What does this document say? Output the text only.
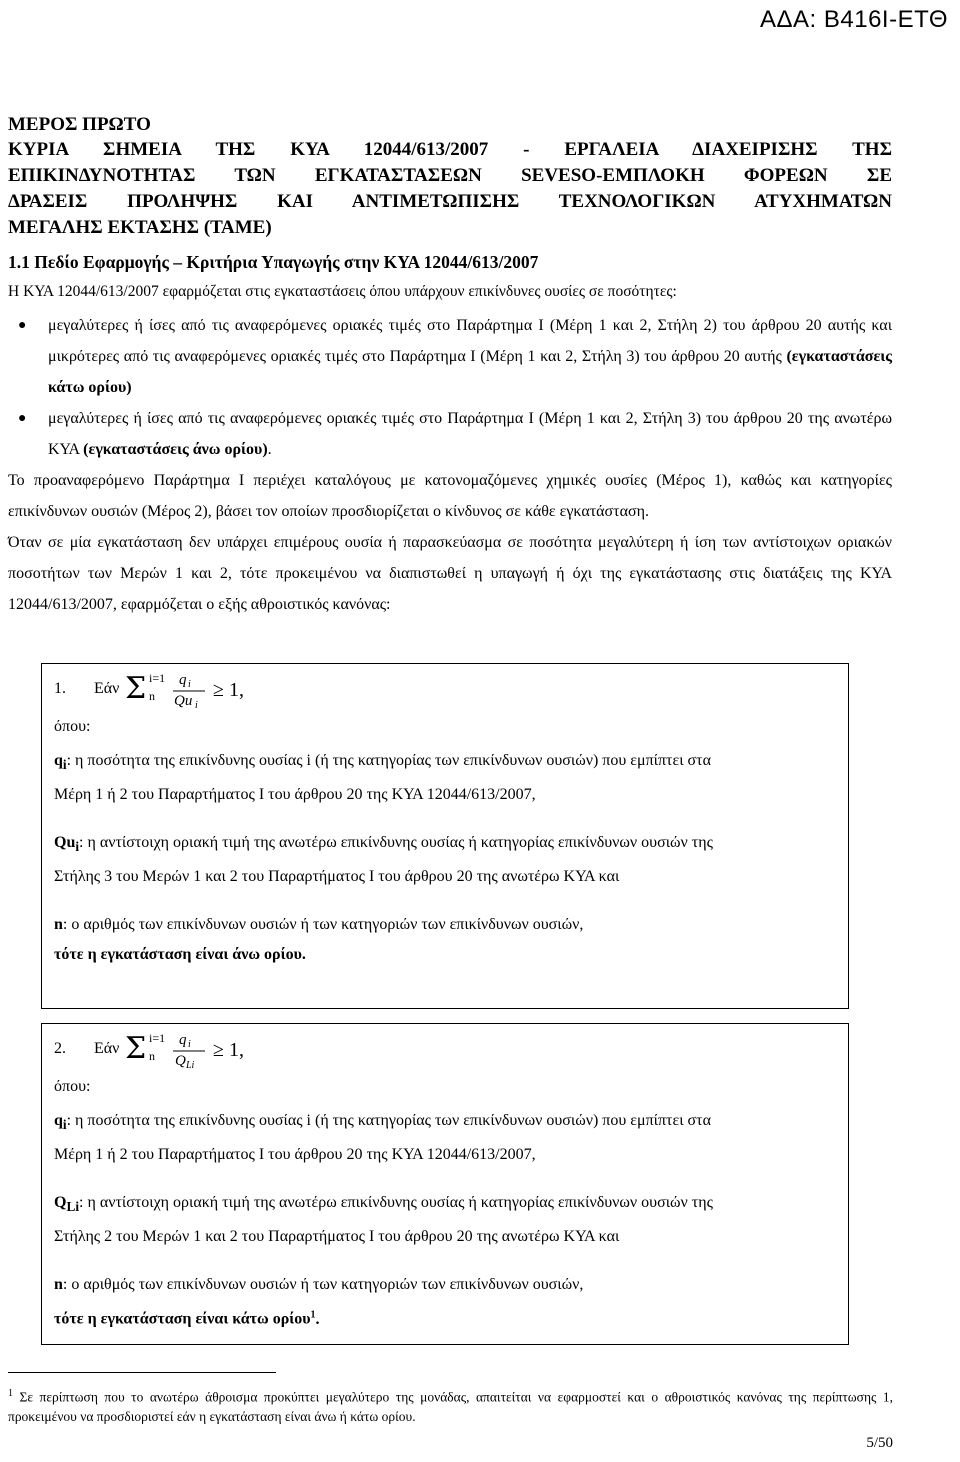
ΑΔΑ: Β416Ι-ΕΤΘ
ΜΕΡΟΣ ΠΡΩΤΟ
ΚΥΡΙΑ ΣΗΜΕΙΑ ΤΗΣ ΚΥΑ 12044/613/2007 - ΕΡΓΑΛΕΙΑ ΔΙΑΧΕΙΡΙΣΗΣ ΤΗΣ
ΕΠΙΚΙΝΔΥΝΟΤΗΤΑΣ ΤΩΝ ΕΓΚΑΤΑΣΤΑΣΕΩΝ SEVESO-ΕΜΠΛΟΚΗ ΦΟΡΕΩΝ ΣΕ
ΔΡΑΣΕΙΣ ΠΡΟΛΗΨΗΣ ΚΑΙ ΑΝΤΙΜΕΤΩΠΙΣΗΣ ΤΕΧΝΟΛΟΓΙΚΩΝ ΑΤΥΧΗΜΑΤΩΝ
ΜΕΓΑΛΗΣ ΕΚΤΑΣΗΣ (ΤΑΜΕ)
1.1 Πεδίο Εφαρμογής – Κριτήρια Υπαγωγής στην ΚΥΑ 12044/613/2007

Η ΚΥΑ 12044/613/2007 εφαρμόζεται στις εγκαταστάσεις όπου υπάρχουν επικίνδυνες ουσίες σε ποσότητες:

● μεγαλύτερες ή ίσες από τις αναφερόμενες οριακές τιμές στο Παράρτημα Ι (Μέρη 1 και 2, Στήλη 2) του άρθρου 20 αυτής και μικρότερες από τις αναφερόμενες οριακές τιμές στο Παράρτημα Ι (Μέρη 1 και 2, Στήλη 3) του άρθρου 20 αυτής (εγκαταστάσεις κάτω ορίου)
● μεγαλύτερες ή ίσες από τις αναφερόμενες οριακές τιμές στο Παράρτημα Ι (Μέρη 1 και 2, Στήλη 3) του άρθρου 20 της ανωτέρω ΚΥΑ (εγκαταστάσεις άνω ορίου).

Το προαναφερόμενο Παράρτημα Ι περιέχει καταλόγους με κατονομαζόμενες χημικές ουσίες (Μέρος 1), καθώς και κατηγορίες επικίνδυνων ουσιών (Μέρος 2), βάσει τον οποίων προσδιορίζεται ο κίνδυνος σε κάθε εγκατάσταση.

Όταν σε μία εγκατάσταση δεν υπάρχει επιμέρους ουσία ή παρασκεύασμα σε ποσότητα μεγαλύτερη ή ίση των αντίστοιχων οριακών ποσοτήτων των Μερών 1 και 2, τότε προκειμένου να διαπιστωθεί η υπαγωγή ή όχι της εγκατάστασης στις διατάξεις της ΚΥΑ 12044/613/2007, εφαρμόζεται ο εξής αθροιστικός κανόνας:

1.	Εάν Σ i=1
n
q i
Qu i
≥ 1,
όπου:
$q_i$: η ποσότητα της επικίνδυνης ουσίας i (ή της κατηγορίας των επικίνδυνων ουσιών) που εμπίπτει στα
Μέρη 1 ή 2 του Παραρτήματος Ι του άρθρου 20 της ΚΥΑ 12044/613/2007,
$Qu_i$: η αντίστοιχη οριακή τιμή της ανωτέρω επικίνδυνης ουσίας ή κατηγορίας επικίνδυνων ουσιών της
Στήλης 3 του Μερών 1 και 2 του Παραρτήματος Ι του άρθρου 20 της ανωτέρω ΚΥΑ και
n: ο αριθμός των επικίνδυνων ουσιών ή των κατηγοριών των επικίνδυνων ουσιών,
τότε η εγκατάσταση είναι άνω ορίου.
2.	Εάν Σ i=1
n
q i
Q Li
≥ 1,
όπου:
$q_i$: η ποσότητα της επικίνδυνης ουσίας i (ή της κατηγορίας των επικίνδυνων ουσιών) που εμπίπτει στα
Μέρη 1 ή 2 του Παραρτήματος Ι του άρθρου 20 της ΚΥΑ 12044/613/2007,
$Q_{Li}$: η αντίστοιχη οριακή τιμή της ανωτέρω επικίνδυνης ουσίας ή κατηγορίας επικίνδυνων ουσιών της
Στήλης 2 του Μερών 1 και 2 του Παραρτήματος Ι του άρθρου 20 της ανωτέρω ΚΥΑ και
n: ο αριθμός των επικίνδυνων ουσιών ή των κατηγοριών των επικίνδυνων ουσιών,
τότε η εγκατάσταση είναι κάτω ορίου$^1$.
$^1$ Σε περίπτωση που το ανωτέρω άθροισμα προκύπτει μεγαλύτερο της μονάδας, απαιτείται να εφαρμοστεί και ο αθροιστικός κανόνας της περίπτωσης 1, προκειμένου να προσδιοριστεί εάν η εγκατάσταση είναι άνω ή κάτω ορίου.
5/50
